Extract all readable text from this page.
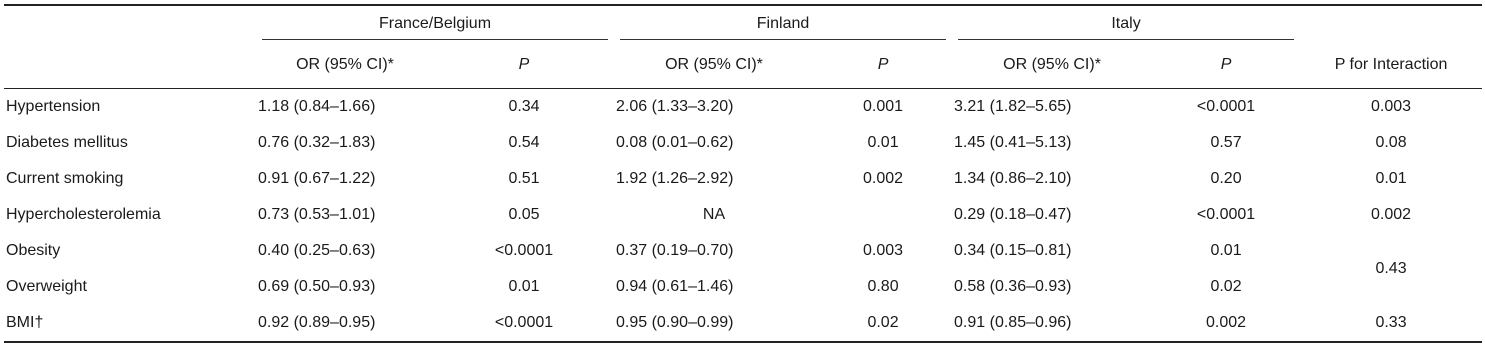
	France/Belgium		Finland		Italy	

	OR (95% CI)*	P	OR (95% CI)*	P	OR (95% CI)*	P	P for Interaction
Hypertension	1.18 (0.84–1.66)	0.34	2.06 (1.33–3.20)	0.001	3.21 (1.82–5.65)	<0.0001	0.003
Diabetes mellitus	0.76 (0.32–1.83)	0.54	0.08 (0.01–0.62)	0.01	1.45 (0.41–5.13)	0.57	0.08
Current smoking	0.91 (0.67–1.22)	0.51	1.92 (1.26–2.92)	0.002	1.34 (0.86–2.10)	0.20	0.01
Hypercholesterolemia	0.73 (0.53–1.01)	0.05	NA		0.29 (0.18–0.47)	<0.0001	0.002
Obesity	0.40 (0.25–0.63)	<0.0001	0.37 (0.19–0.70)	0.003	0.34 (0.15–0.81)	0.01	0.43
Overweight	0.69 (0.50–0.93)	0.01	0.94 (0.61–1.46)	0.80	0.58 (0.36–0.93)	0.02	
BMI†	0.92 (0.89–0.95)	<0.0001	0.95 (0.90–0.99)	0.02	0.91 (0.85–0.96)	0.002	0.33
